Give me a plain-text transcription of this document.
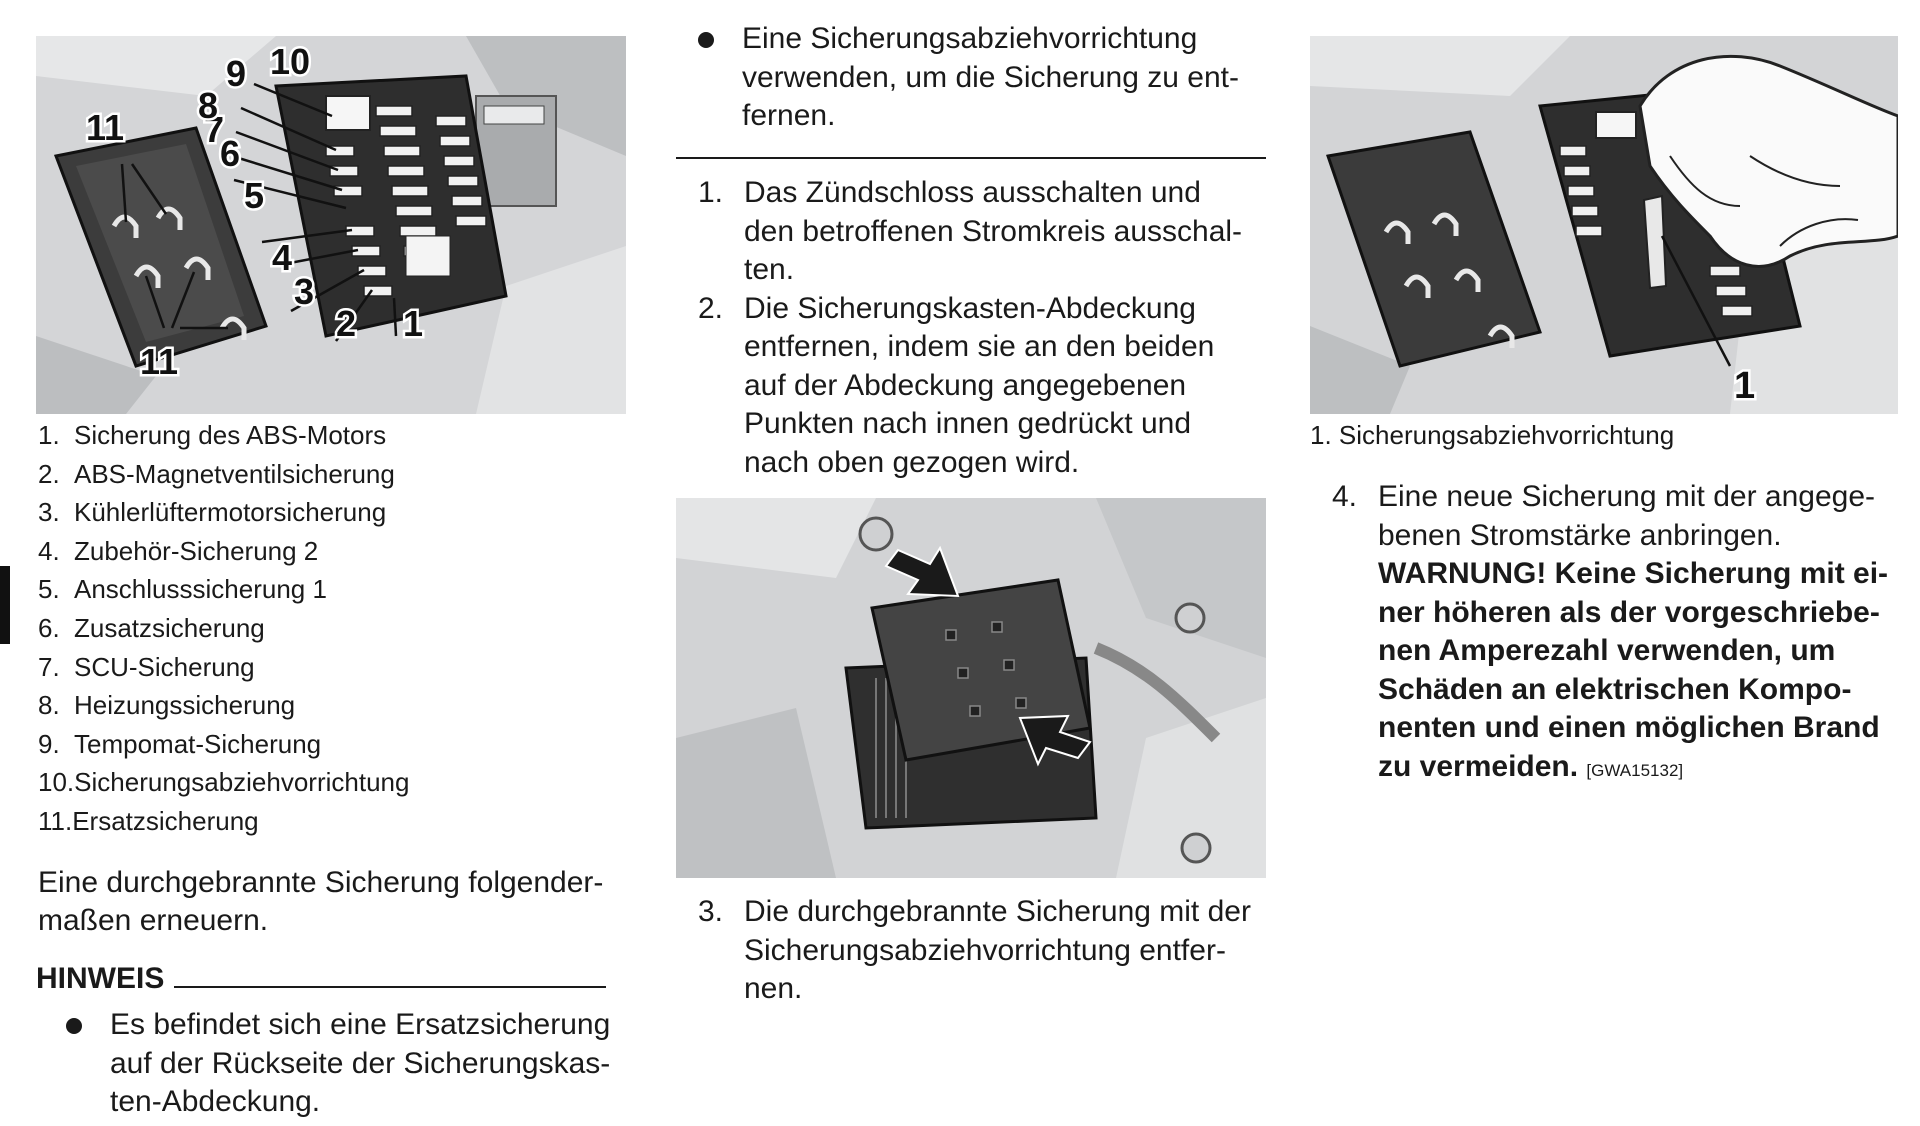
1
2
3
4
5
6
7
8
9 10
11
11
1. Sicherung des ABS-Motors
2. ABS-Magnetventilsicherung
3. Kühlerlüftermotorsicherung
4. Zubehör-Sicherung 2
5. Anschlusssicherung 1
6. Zusatzsicherung
7. SCU-Sicherung
8. Heizungssicherung
9. Tempomat-Sicherung
10.Sicherungsabziehvorrichtung
11.Ersatzsicherung

Eine durchgebrannte Sicherung folgender-
maßen erneuern.

HINWEIS
Es befindet sich eine Ersatzsicherung
auf der Rückseite der Sicherungskas-
ten-Abdeckung.
Eine Sicherungsabziehvorrichtung
verwenden, um die Sicherung zu ent-
fernen.
1. Das Zündschloss ausschalten und
den betroffenen Stromkreis ausschal-
ten.
2. Die Sicherungskasten-Abdeckung
entfernen, indem sie an den beiden
auf der Abdeckung angegebenen
Punkten nach innen gedrückt und
nach oben gezogen wird.
3. Die durchgebrannte Sicherung mit der
Sicherungsabziehvorrichtung entfer-
nen.
1
1. Sicherungsabziehvorrichtung
4. Eine neue Sicherung mit der angege-
benen Stromstärke anbringen.
WARNUNG! Keine Sicherung mit ei-
ner höheren als der vorgeschriebe-
nen Amperezahl verwenden, um
Schäden an elektrischen Kompo-
nenten und einen möglichen Brand
zu vermeiden. [GWA15132]
